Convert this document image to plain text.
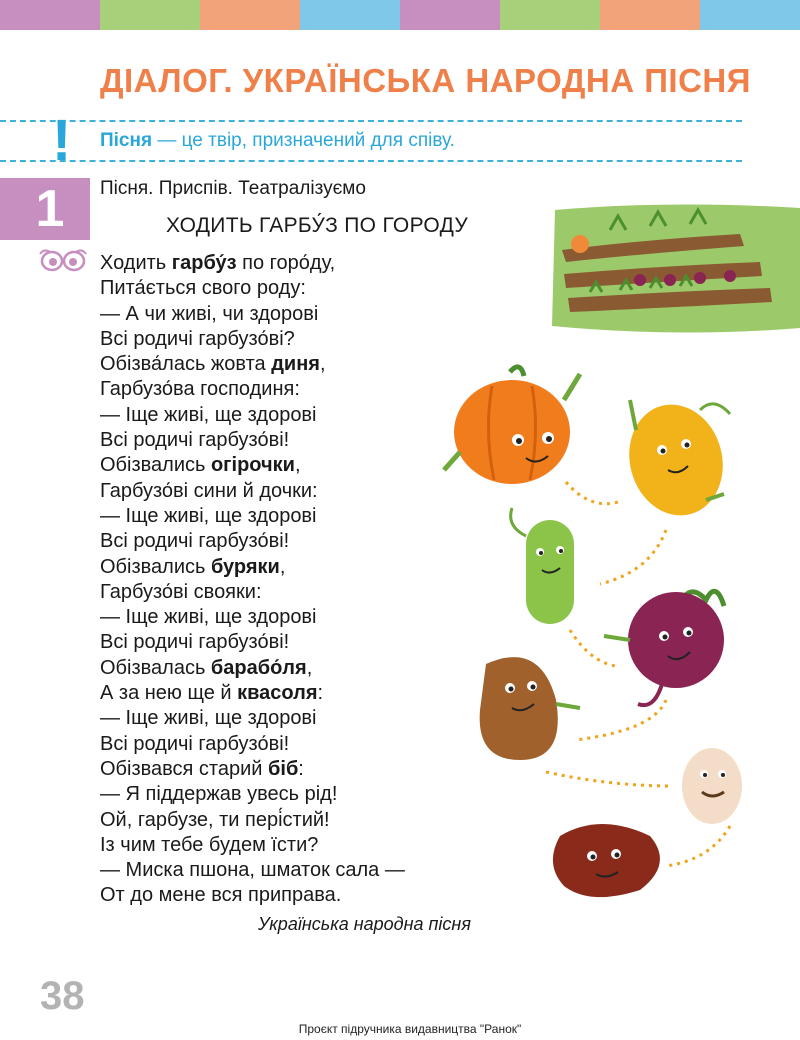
ДІАЛОГ. УКРАЇНСЬКА НАРОДНА ПІСНЯ
! Пісня — це твір, призначений для співу.
1	Пісня. Приспів. Театралізуємо
ХОДИТЬ ГАРБУ́З ПО ГОРОДУ
Ходить гарбу́з по горо́ду,
Пита́ється свого роду:
— А чи живі, чи здорові
Всі родичі гарбузо́ві?
Обізва́лась жовта диня,
Гарбузо́ва господиня:
— Іще живі, ще здорові
Всі родичі гарбузо́ві!
Обізвались огірочки,
Гарбузо́ві сини й дочки:
— Іще живі, ще здорові
Всі родичі гарбузо́ві!
Обізвались буряки,
Гарбузо́ві свояки:
— Іще живі, ще здорові
Всі родичі гарбузо́ві!
Обізвалась барабо́ля,
А за нею ще й квасоля:
— Іще живі, ще здорові
Всі родичі гарбузо́ві!
Обізвався старий біб:
— Я піддержав увесь рід!
Ой, гарбузе, ти пері́стий!
Із чим тебе будем їсти?
— Миска пшона, шматок сала —
От до мене вся приправа.
Українська народна пісня
38
Проєкт підручника видавництва "Ранок"
